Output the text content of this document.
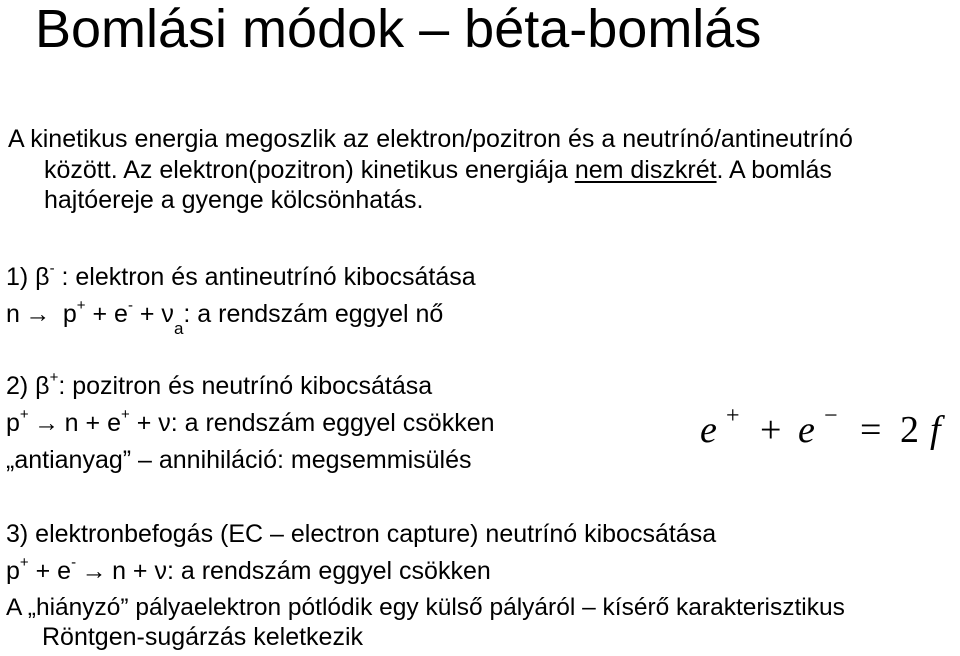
Bomlási módok – béta-bomlás
A kinetikus energia megoszlik az elektron/pozitron és a neutrínó/antineutrínó
között. Az elektron(pozitron) kinetikus energiája nem diszkrét. A bomlás
hajtóereje a gyenge kölcsönhatás.
1) β- : elektron és antineutrínó kibocsátása
$n \to p^+ + e^- + \nu_a$: a rendszám eggyel nő
2) β+: pozitron és neutrínó kibocsátása
p+ → n + e+ + ν: a rendszám eggyel csökken
„antianyag” – annihiláció: megsemmisülés
e + + e − = 2 f
3) elektronbefogás (EC – electron capture) neutrínó kibocsátása
p+ + e- → n + ν: a rendszám eggyel csökken
A „hiányzó” pályaelektron pótlódik egy külső pályáról – kísérő karakterisztikus
Röntgen-sugárzás keletkezik
